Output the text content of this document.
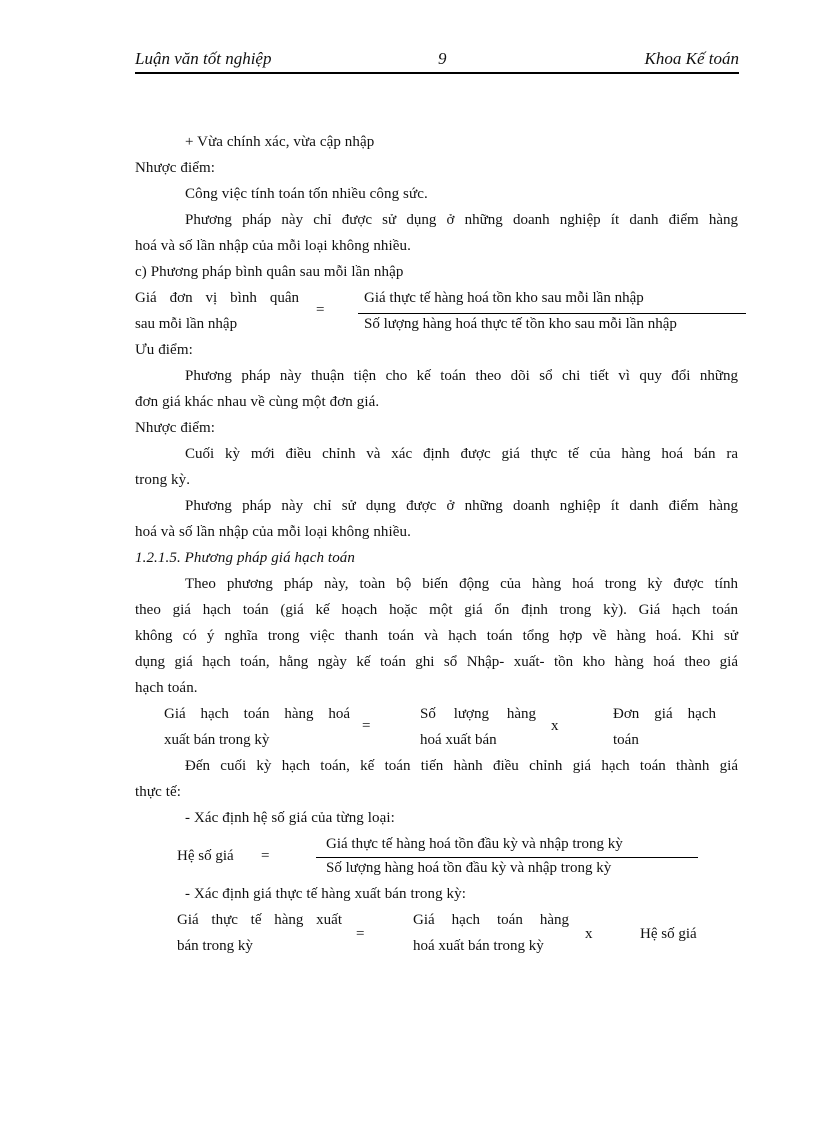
Luận văn tốt nghiệp	9	Khoa Kế toán
+ Vừa chính xác, vừa cập nhập
Nhược điểm:
Công việc tính toán tốn nhiều công sức.
Phương pháp này chỉ được sử dụng ở những doanh nghiệp ít danh điểm hàng
hoá và số lần nhập của mỗi loại không nhiều.
c) Phương pháp bình quân sau mỗi lần nhập
Giá đơn vị bình quân
sau mỗi lần nhập
=
Giá thực tế hàng hoá tồn kho sau mỗi lần nhập
Số lượng hàng hoá thực tế tồn kho sau mỗi lần nhập
Ưu điểm:
Phương pháp này thuận tiện cho kế toán theo dõi sổ chi tiết vì quy đổi những
đơn giá khác nhau về cùng một đơn giá.
Nhược điểm:
Cuối kỳ mới điều chỉnh và xác định được giá thực tế của hàng hoá bán ra
trong kỳ.
Phương pháp này chỉ sử dụng được ở những doanh nghiệp ít danh điểm hàng
hoá và số lần nhập của mỗi loại không nhiều.
1.2.1.5. Phương pháp giá hạch toán
Theo phương pháp này, toàn bộ biến động của hàng hoá trong kỳ được tính
theo giá hạch toán (giá kế hoạch hoặc một giá ổn định trong kỳ). Giá hạch toán
không có ý nghĩa trong việc thanh toán và hạch toán tổng hợp về hàng hoá. Khi sử
dụng giá hạch toán, hằng ngày kế toán ghi sổ Nhập- xuất- tồn kho hàng hoá theo giá
hạch toán.
Giá hạch toán hàng hoá
xuất bán trong kỳ
=
Số lượng hàng
hoá xuất bán
x
Đơn giá hạch
toán
Đến cuối kỳ hạch toán, kế toán tiến hành điều chỉnh giá hạch toán thành giá
thực tế:
- Xác định hệ số giá của từng loại:
Hệ số giá =
Giá thực tế hàng hoá tồn đầu kỳ và nhập trong kỳ
Số lượng hàng hoá tồn đầu kỳ và nhập trong kỳ
- Xác định giá thực tế hàng xuất bán trong kỳ:
Giá thực tế hàng xuất
bán trong kỳ
=
Giá hạch toán hàng
hoá xuất bán trong kỳ
x	Hệ số giá
